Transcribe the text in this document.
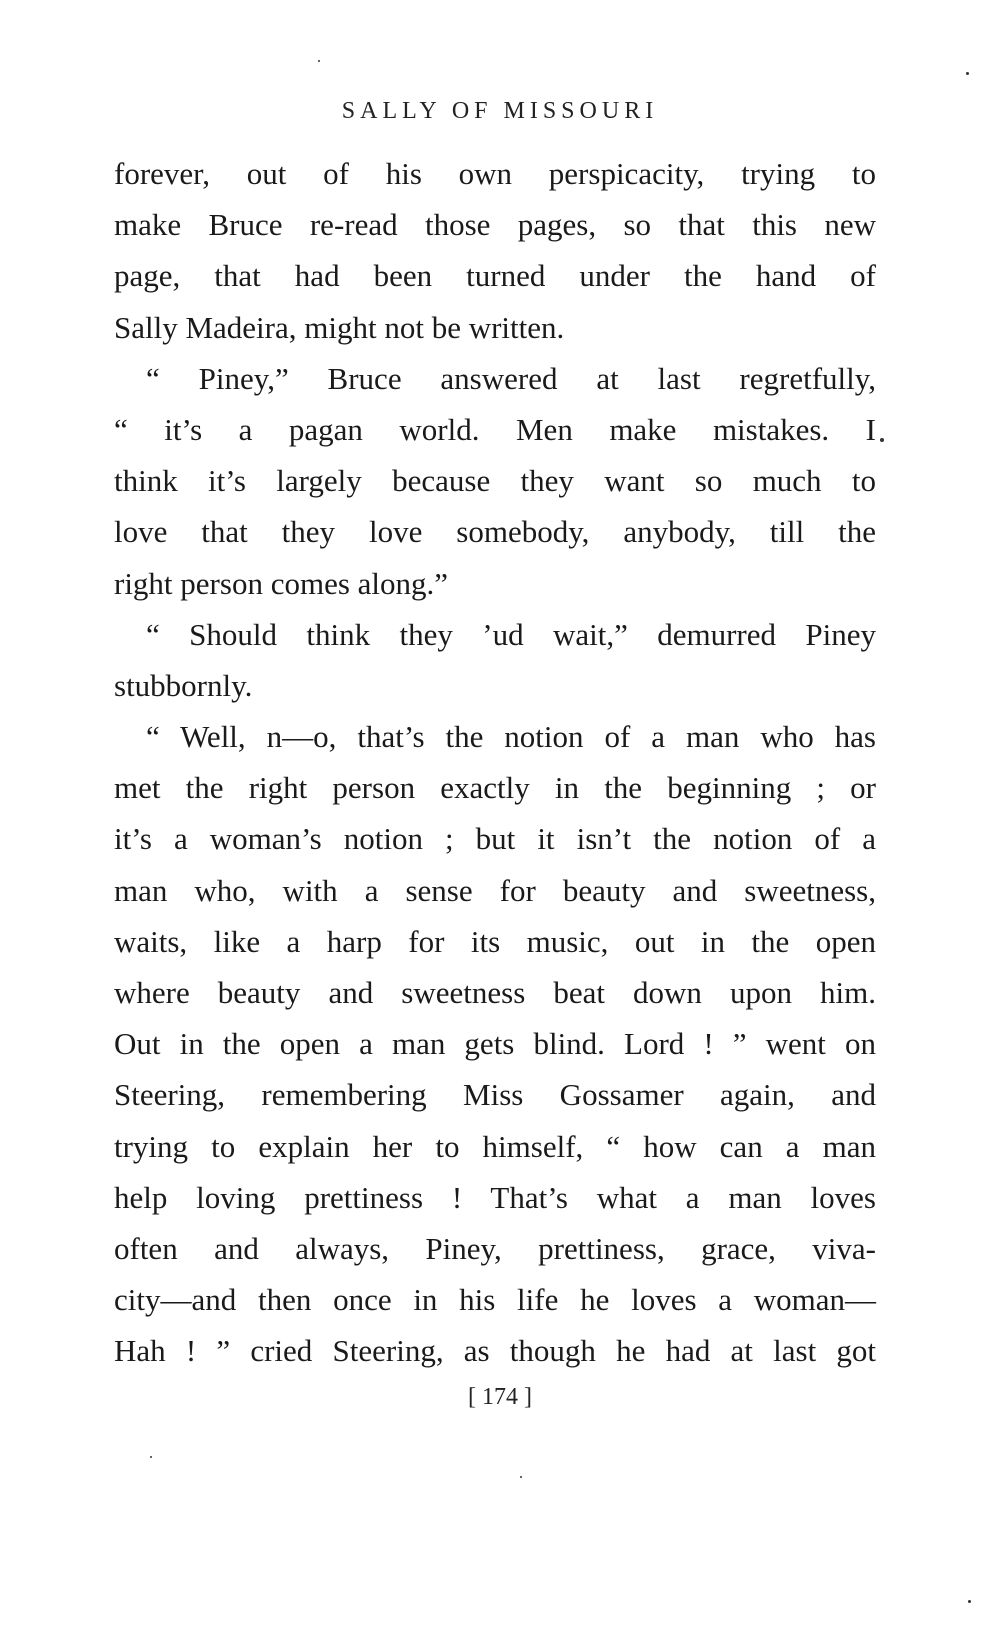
SALLY OF MISSOURI
forever, out of his own perspicacity, trying to
make Bruce re-read those pages, so that this new
page, that had been turned under the hand of
Sally Madeira, might not be written.
“ Piney,” Bruce answered at last regretfully,
“ it’s a pagan world. Men make mistakes. I
think it’s largely because they want so much to
love that they love somebody, anybody, till the
right person comes along.”
“ Should think they ’ud wait,” demurred Piney
stubbornly.
“ Well, n—o, that’s the notion of a man who has
met the right person exactly in the beginning ; or
it’s a woman’s notion ; but it isn’t the notion of a
man who, with a sense for beauty and sweetness,
waits, like a harp for its music, out in the open
where beauty and sweetness beat down upon him.
Out in the open a man gets blind. Lord ! ” went on
Steering, remembering Miss Gossamer again, and
trying to explain her to himself, “ how can a man
help loving prettiness ! That’s what a man loves
often and always, Piney, prettiness, grace, viva-
city—and then once in his life he loves a woman—
Hah ! ” cried Steering, as though he had at last got
[ 174 ]
